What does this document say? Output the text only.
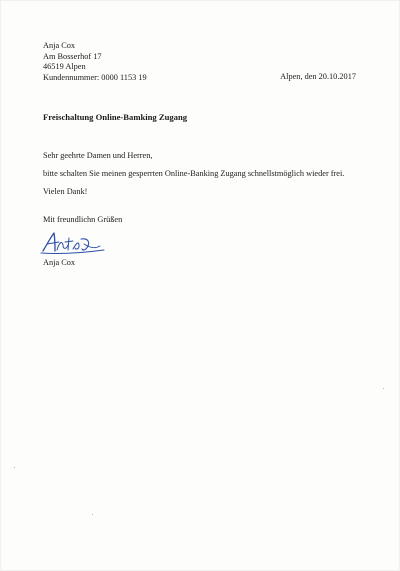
Anja Cox
Am Bosserhof 17
46519 Alpen
Kundennummer: 0000 1153 19	Alpen, den 20.10.2017
Freischaltung Online-Bamking Zugang
Sehr geehrte Damen und Herren,
bitte schalten Sie meinen gesperrten Online-Banking Zugang schnellstmöglich wieder frei.
Vielen Dank!
Mit freundlichn Grüßen
Anja Cox
